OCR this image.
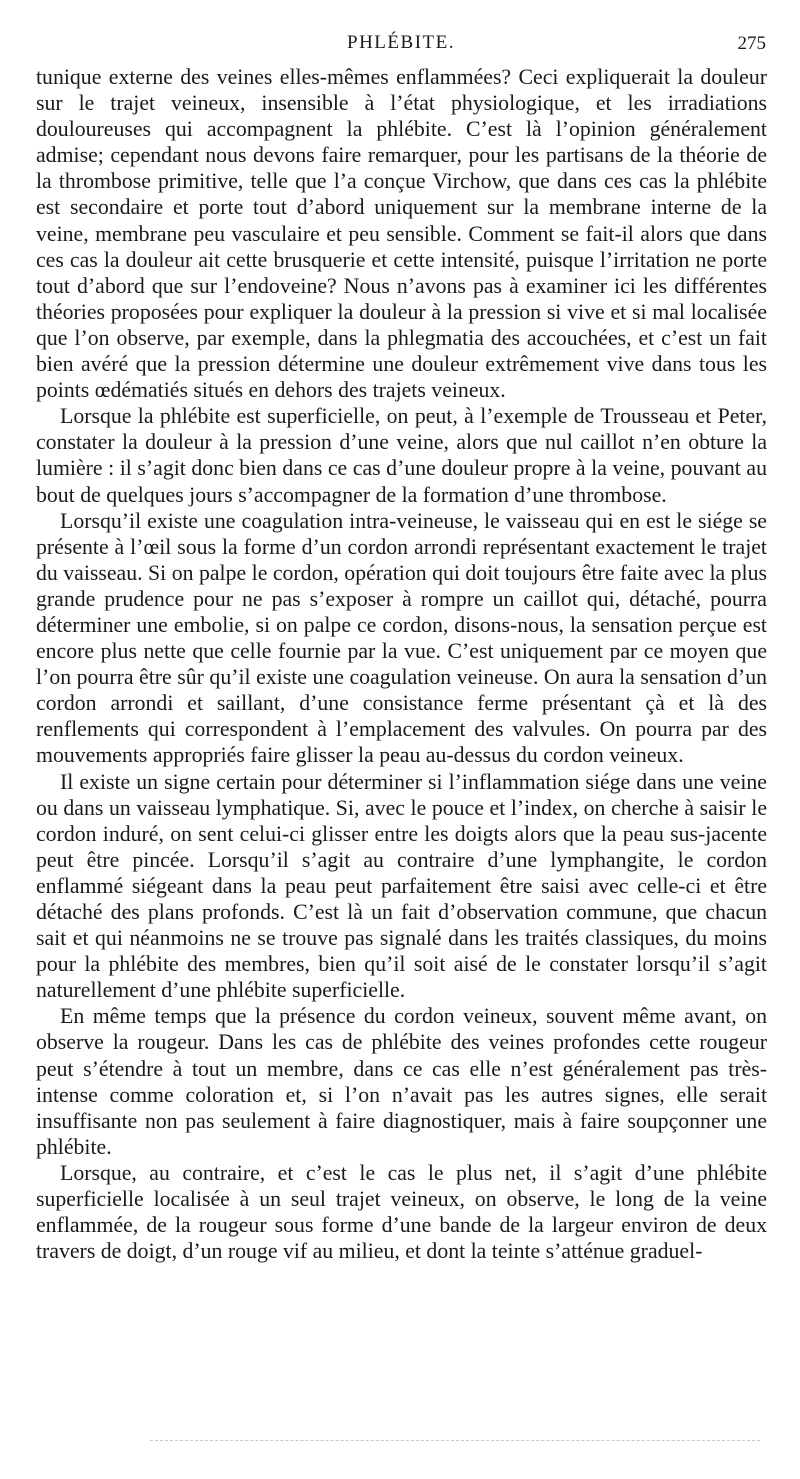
PHLÉBITE.	275

tunique externe des veines elles-mêmes enflammées? Ceci expliquerait la douleur sur le trajet veineux, insensible à l’état physiologique, et les irradiations douloureuses qui accompagnent la phlébite. C’est là l’opinion généralement admise; cependant nous devons faire remarquer, pour les partisans de la théorie de la thrombose primitive, telle que l’a conçue Virchow, que dans ces cas la phlébite est secondaire et porte tout d’abord uniquement sur la membrane interne de la veine, membrane peu vasculaire et peu sensible. Comment se fait-il alors que dans ces cas la douleur ait cette brusquerie et cette intensité, puisque l’irritation ne porte tout d’abord que sur l’endoveine? Nous n’avons pas à examiner ici les différentes théories proposées pour expliquer la douleur à la pression si vive et si mal localisée que l’on observe, par exemple, dans la phlegmatia des accouchées, et c’est un fait bien avéré que la pression détermine une douleur extrêmement vive dans tous les points œdématiés situés en dehors des trajets veineux.

Lorsque la phlébite est superficielle, on peut, à l’exemple de Trousseau et Peter, constater la douleur à la pression d’une veine, alors que nul caillot n’en obture la lumière : il s’agit donc bien dans ce cas d’une douleur propre à la veine, pouvant au bout de quelques jours s’accompagner de la formation d’une thrombose.

Lorsqu’il existe une coagulation intra-veineuse, le vaisseau qui en est le siége se présente à l’œil sous la forme d’un cordon arrondi représentant exactement le trajet du vaisseau. Si on palpe le cordon, opération qui doit toujours être faite avec la plus grande prudence pour ne pas s’exposer à rompre un caillot qui, détaché, pourra déterminer une embolie, si on palpe ce cordon, disons-nous, la sensation perçue est encore plus nette que celle fournie par la vue. C’est uniquement par ce moyen que l’on pourra être sûr qu’il existe une coagulation veineuse. On aura la sensation d’un cordon arrondi et saillant, d’une consistance ferme présentant çà et là des renflements qui correspondent à l’emplacement des valvules. On pourra par des mouvements appropriés faire glisser la peau au-dessus du cordon veineux.

Il existe un signe certain pour déterminer si l’inflammation siége dans une veine ou dans un vaisseau lymphatique. Si, avec le pouce et l’index, on cherche à saisir le cordon induré, on sent celui-ci glisser entre les doigts alors que la peau sus-jacente peut être pincée. Lorsqu’il s’agit au contraire d’une lymphangite, le cordon enflammé siégeant dans la peau peut parfaitement être saisi avec celle-ci et être détaché des plans profonds. C’est là un fait d’observation commune, que chacun sait et qui néanmoins ne se trouve pas signalé dans les traités classiques, du moins pour la phlébite des membres, bien qu’il soit aisé de le constater lorsqu’il s’agit naturellement d’une phlébite superficielle.

En même temps que la présence du cordon veineux, souvent même avant, on observe la rougeur. Dans les cas de phlébite des veines profondes cette rougeur peut s’étendre à tout un membre, dans ce cas elle n’est généralement pas très-intense comme coloration et, si l’on n’avait pas les autres signes, elle serait insuffisante non pas seulement à faire diagnostiquer, mais à faire soupçonner une phlébite.

Lorsque, au contraire, et c’est le cas le plus net, il s’agit d’une phlébite superficielle localisée à un seul trajet veineux, on observe, le long de la veine enflammée, de la rougeur sous forme d’une bande de la largeur environ de deux travers de doigt, d’un rouge vif au milieu, et dont la teinte s’atténue graduel-
